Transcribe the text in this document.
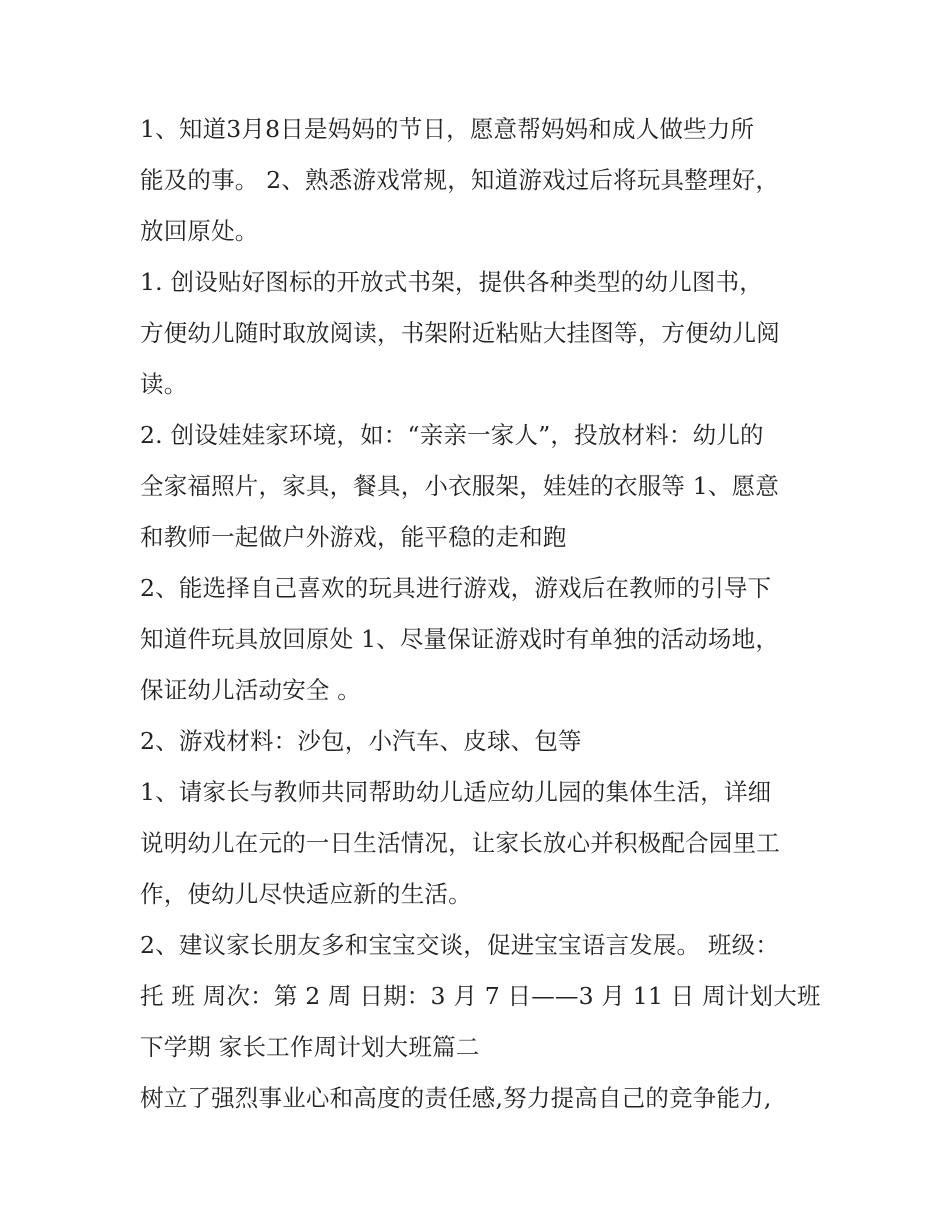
1、知道3月8日是妈妈的节日，愿意帮妈妈和成人做些力所
能及的事。 2、熟悉游戏常规，知道游戏过后将玩具整理好，
放回原处。
1. 创设贴好图标的开放式书架，提供各种类型的幼儿图书，
方便幼儿随时取放阅读，书架附近粘贴大挂图等，方便幼儿阅
读。
2. 创设娃娃家环境，如：“亲亲一家人”，投放材料：幼儿的
全家福照片，家具，餐具，小衣服架，娃娃的衣服等 1、愿意
和教师一起做户外游戏，能平稳的走和跑
2、能选择自己喜欢的玩具进行游戏，游戏后在教师的引导下
知道件玩具放回原处 1、尽量保证游戏时有单独的活动场地，
保证幼儿活动安全 。
2、游戏材料：沙包，小汽车、皮球、包等
1、请家长与教师共同帮助幼儿适应幼儿园的集体生活，详细
说明幼儿在元的一日生活情况，让家长放心并积极配合园里工
作，使幼儿尽快适应新的生活。
2、建议家长朋友多和宝宝交谈，促进宝宝语言发展。 班级：
托 班 周次：第 2 周 日期：3 月 7 日——3 月 11 日 周计划大班
下学期 家长工作周计划大班篇二
树立了强烈事业心和高度的责任感,努力提高自己的竞争能力,
